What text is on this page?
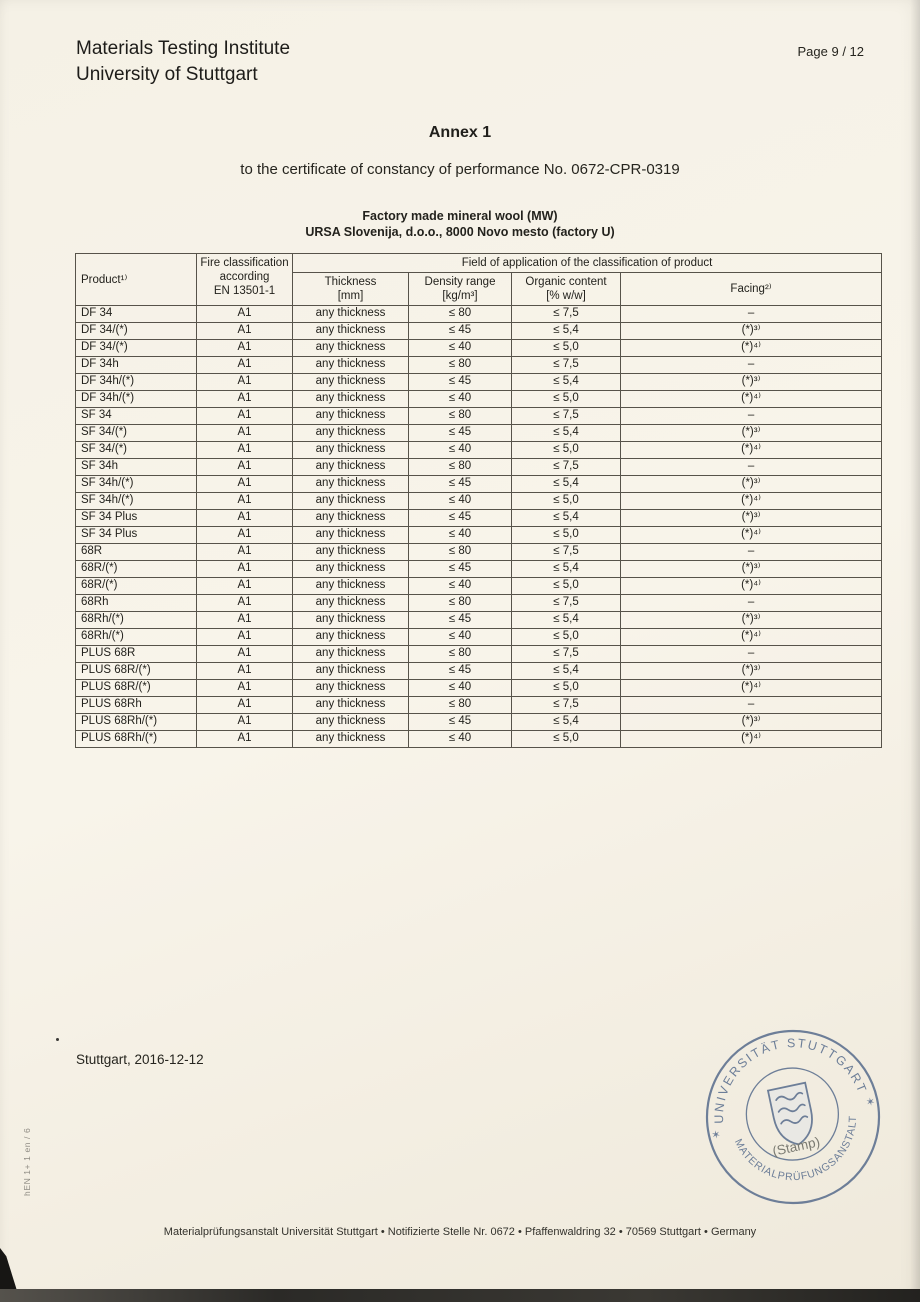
Materials Testing Institute
University of Stuttgart
Page 9 / 12
Annex 1
to the certificate of constancy of performance No. 0672-CPR-0319
Factory made mineral wool (MW)
URSA Slovenija, d.o.o., 8000 Novo mesto (factory U)
Product¹⁾	Fire classification
according
EN 13501-1	Field of application of the classification of product			

Thickness
[mm]

Density range
[kg/m³]

Organic content
[% w/w]
	Facing²⁾
DF 34	A1	any thickness	≤ 80	≤ 7,5	–
DF 34/(*)	A1	any thickness	≤ 45	≤ 5,4	(*)³⁾
DF 34/(*)	A1	any thickness	≤ 40	≤ 5,0	(*)⁴⁾
DF 34h	A1	any thickness	≤ 80	≤ 7,5	–
DF 34h/(*)	A1	any thickness	≤ 45	≤ 5,4	(*)³⁾
DF 34h/(*)	A1	any thickness	≤ 40	≤ 5,0	(*)⁴⁾
SF 34	A1	any thickness	≤ 80	≤ 7,5	–
SF 34/(*)	A1	any thickness	≤ 45	≤ 5,4	(*)³⁾
SF 34/(*)	A1	any thickness	≤ 40	≤ 5,0	(*)⁴⁾
SF 34h	A1	any thickness	≤ 80	≤ 7,5	–
SF 34h/(*)	A1	any thickness	≤ 45	≤ 5,4	(*)³⁾
SF 34h/(*)	A1	any thickness	≤ 40	≤ 5,0	(*)⁴⁾
SF 34 Plus	A1	any thickness	≤ 45	≤ 5,4	(*)³⁾
SF 34 Plus	A1	any thickness	≤ 40	≤ 5,0	(*)⁴⁾
68R	A1	any thickness	≤ 80	≤ 7,5	–
68R/(*)	A1	any thickness	≤ 45	≤ 5,4	(*)³⁾
68R/(*)	A1	any thickness	≤ 40	≤ 5,0	(*)⁴⁾
68Rh	A1	any thickness	≤ 80	≤ 7,5	–
68Rh/(*)	A1	any thickness	≤ 45	≤ 5,4	(*)³⁾
68Rh/(*)	A1	any thickness	≤ 40	≤ 5,0	(*)⁴⁾
PLUS 68R	A1	any thickness	≤ 80	≤ 7,5	–
PLUS 68R/(*)	A1	any thickness	≤ 45	≤ 5,4	(*)³⁾
PLUS 68R/(*)	A1	any thickness	≤ 40	≤ 5,0	(*)⁴⁾
PLUS 68Rh	A1	any thickness	≤ 80	≤ 7,5	–
PLUS 68Rh/(*)	A1	any thickness	≤ 45	≤ 5,4	(*)³⁾
PLUS 68Rh/(*)	A1	any thickness	≤ 40	≤ 5,0	(*)⁴⁾
Stuttgart, 2016-12-12
UNIVERSITÄT STUTTGART
MATERIALPRÜFUNGSANSTALT
✶
✶
(Stamp)
hEN 1+ 1 en / 6
Materialprüfungsanstalt Universität Stuttgart • Notifizierte Stelle Nr. 0672 • Pfaffenwaldring 32 • 70569 Stuttgart • Germany
